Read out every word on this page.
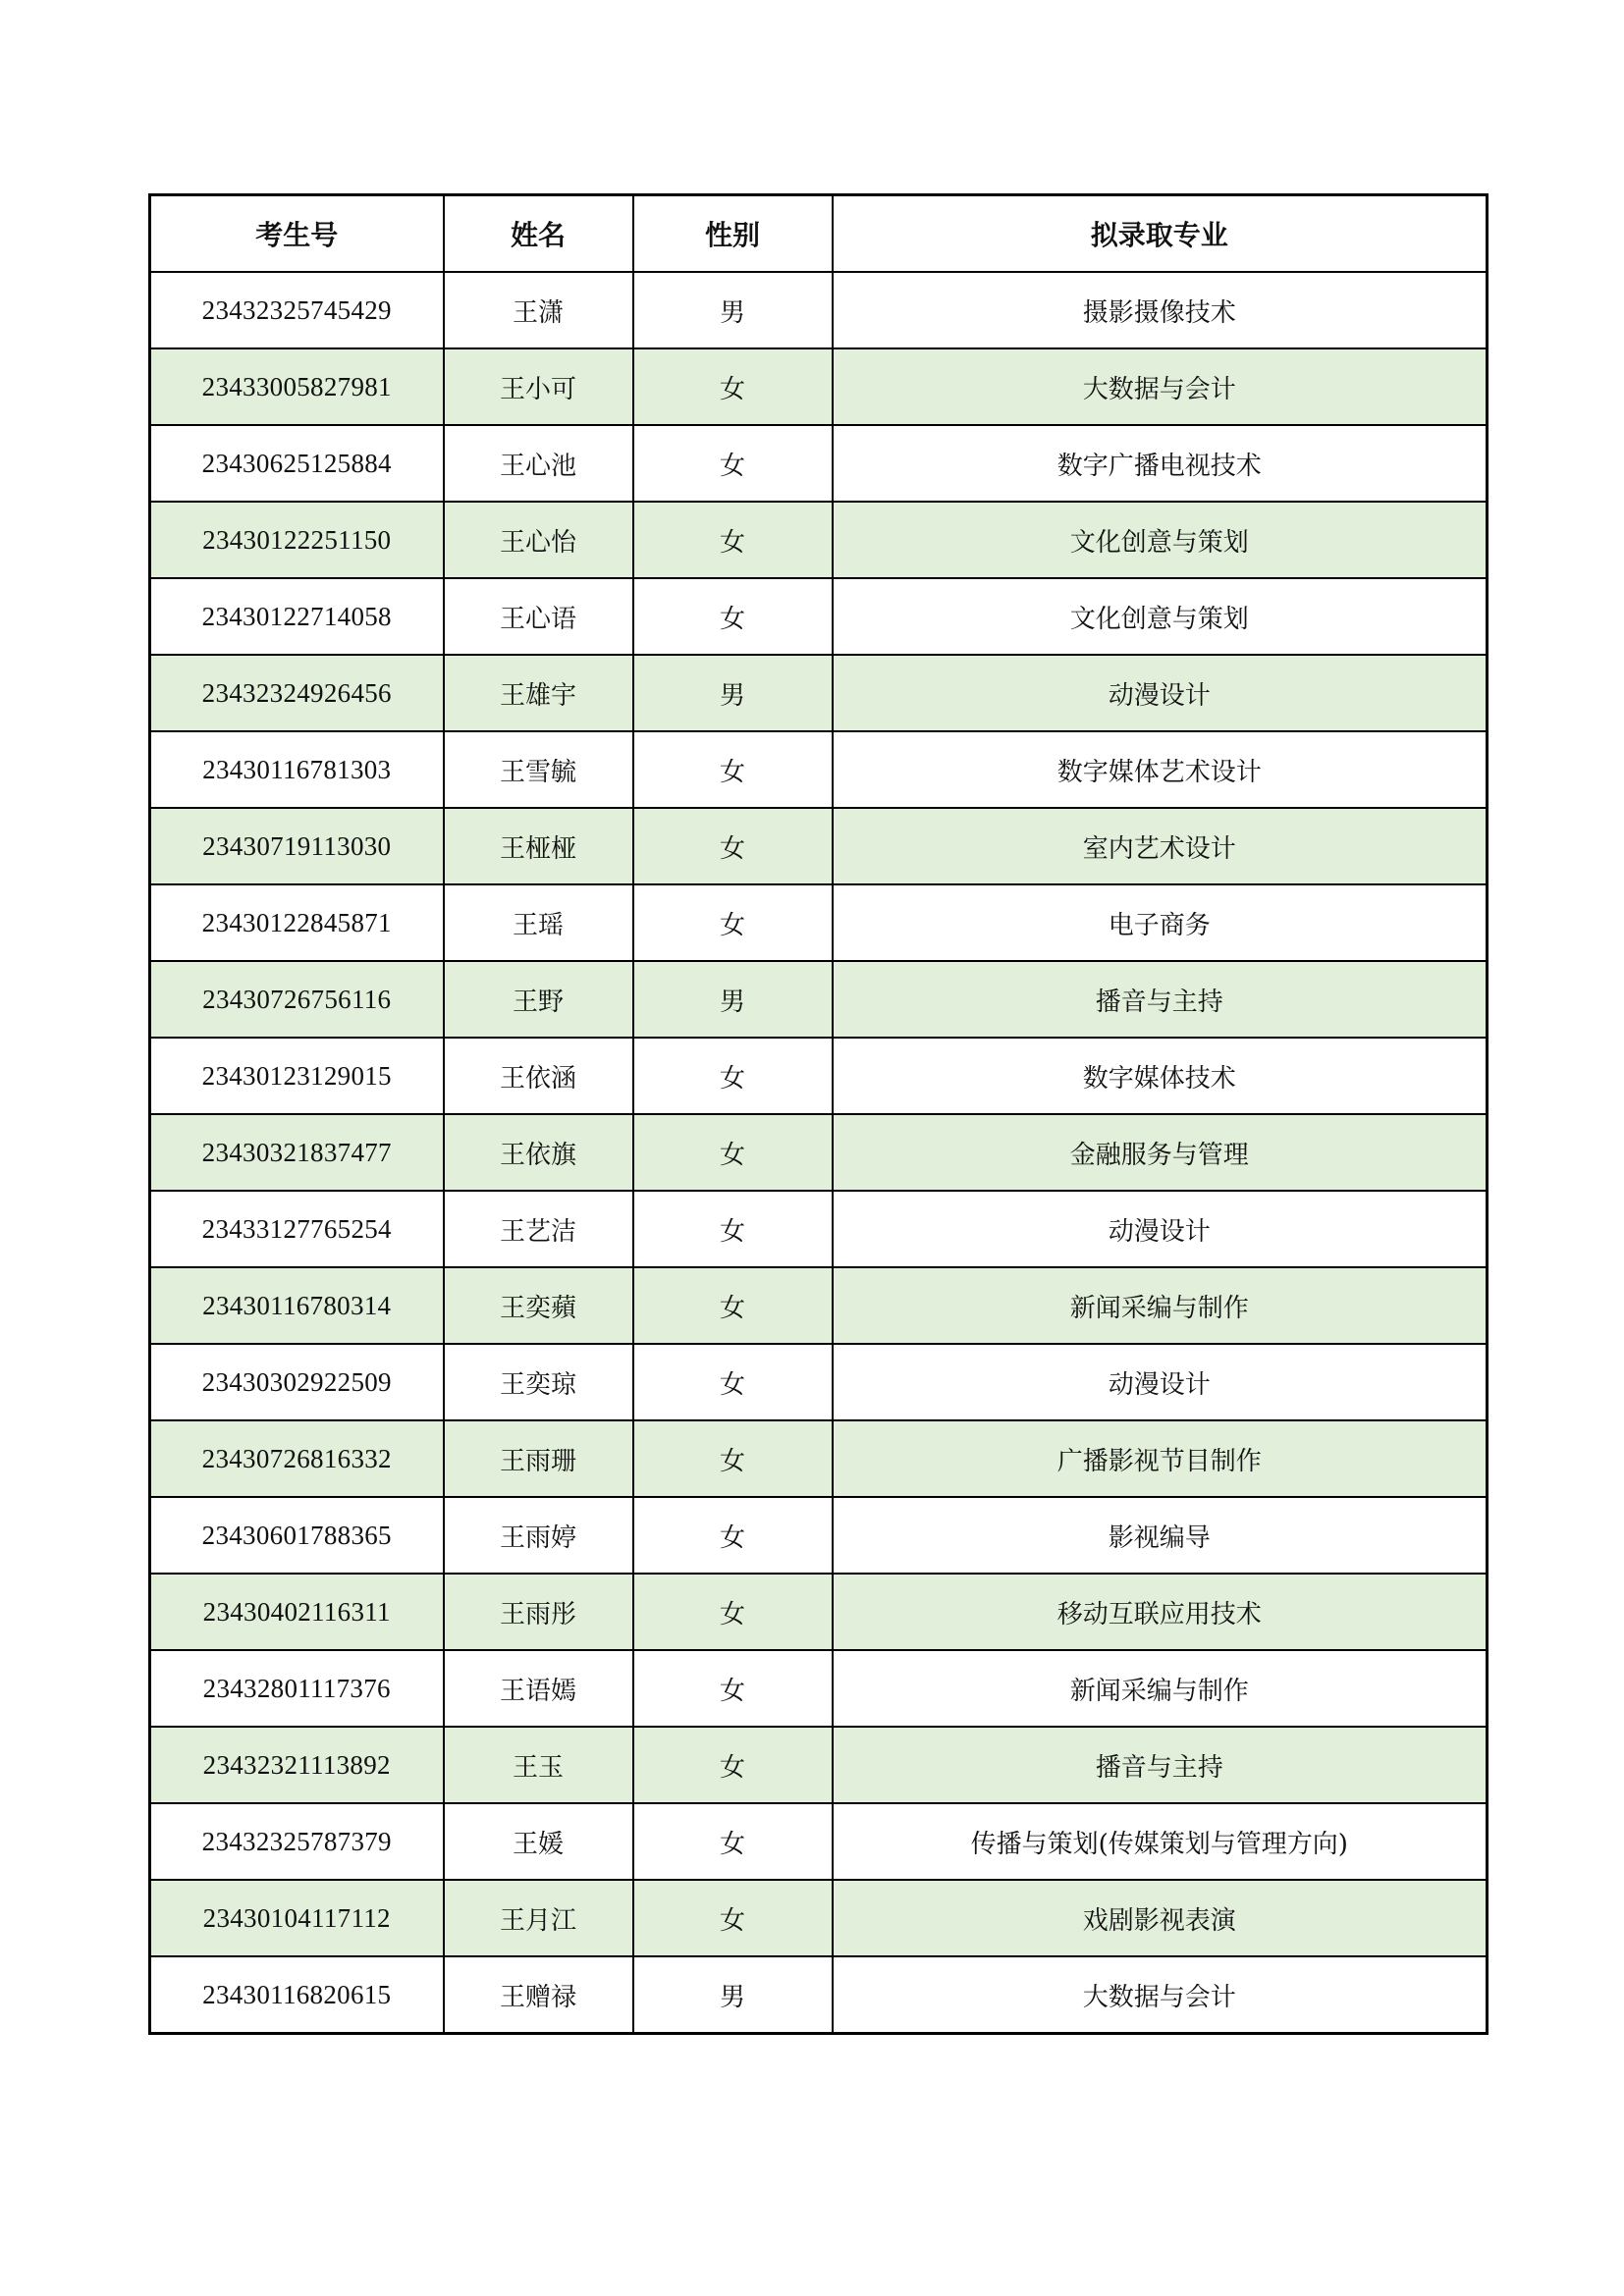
考生号	姓名	性别	拟录取专业
23432325745429	王潇	男	摄影摄像技术
23433005827981	王小可	女	大数据与会计
23430625125884	王心池	女	数字广播电视技术
23430122251150	王心怡	女	文化创意与策划
23430122714058	王心语	女	文化创意与策划
23432324926456	王雄宇	男	动漫设计
23430116781303	王雪毓	女	数字媒体艺术设计
23430719113030	王桠桠	女	室内艺术设计
23430122845871	王瑶	女	电子商务
23430726756116	王野	男	播音与主持
23430123129015	王依涵	女	数字媒体技术
23430321837477	王依旗	女	金融服务与管理
23433127765254	王艺洁	女	动漫设计
23430116780314	王奕蘋	女	新闻采编与制作
23430302922509	王奕琼	女	动漫设计
23430726816332	王雨珊	女	广播影视节目制作
23430601788365	王雨婷	女	影视编导
23430402116311	王雨彤	女	移动互联应用技术
23432801117376	王语嫣	女	新闻采编与制作
23432321113892	王玉	女	播音与主持
23432325787379	王媛	女	传播与策划(传媒策划与管理方向)
23430104117112	王月江	女	戏剧影视表演
23430116820615	王赠禄	男	大数据与会计
